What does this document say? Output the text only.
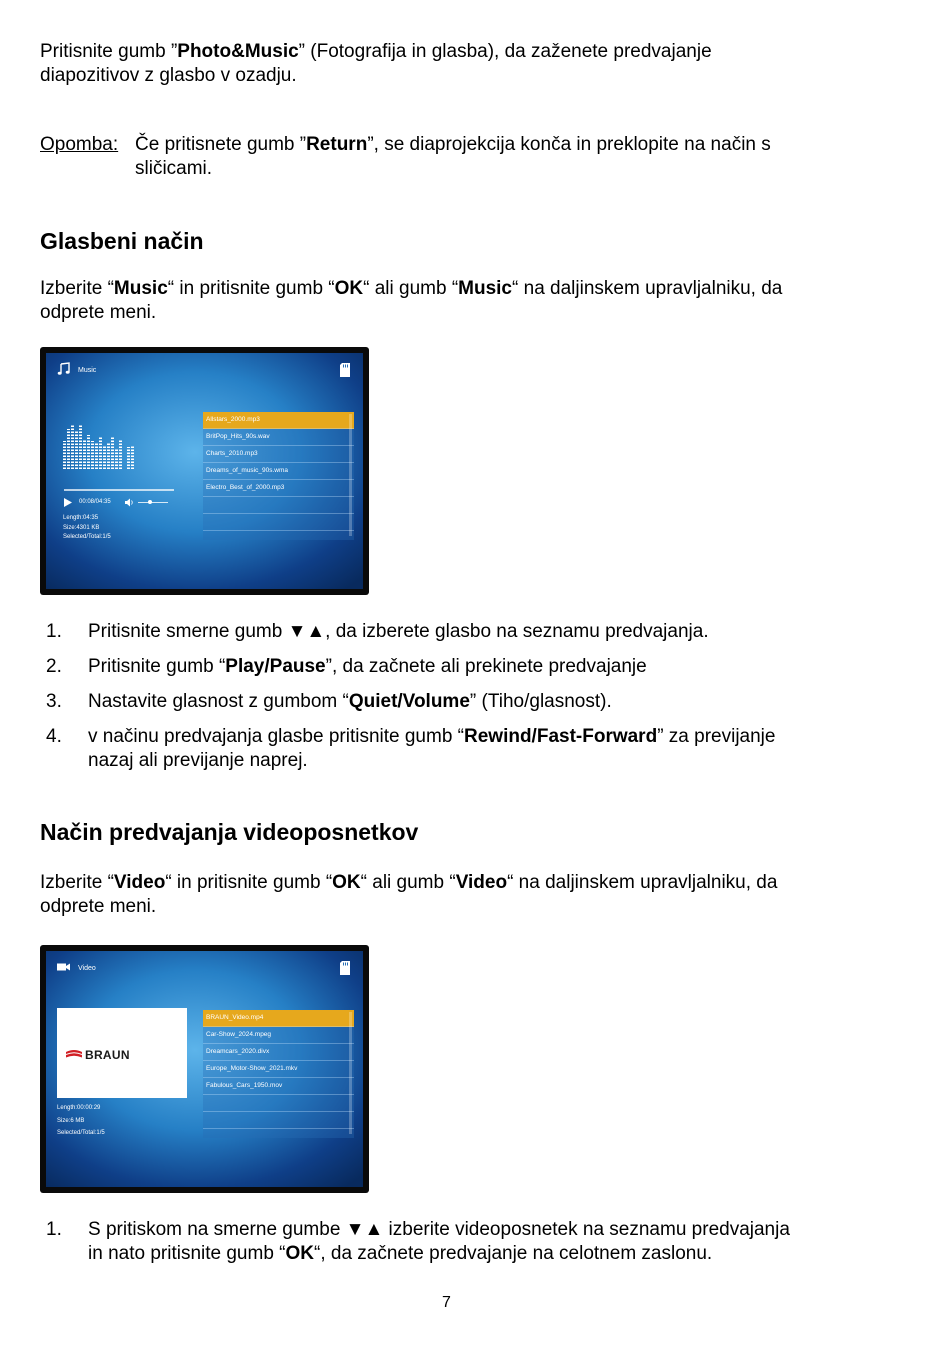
Pritisnite gumb ”Photo&Music” (Fotografija in glasba), da zaženete predvajanje
diapozitivov z glasbo v ozadju.
Opomba: Če pritisnete gumb ”Return”, se diaprojekcija konča in preklopite na način s
sličicami.
Glasbeni način
Izberite “Music“ in pritisnite gumb “OK“ ali gumb “Music“ na daljinskem upravljalniku, da
odprete meni.
Music
00:08/04:35
Length:04:35
Size:4301 KB
Selected/Total:1/5
Allstars_2000.mp3
BritPop_Hits_90s.wav
Charts_2010.mp3
Dreams_of_music_90s.wma
Electro_Best_of_2000.mp3
1. Pritisnite smerne gumb ▼▲, da izberete glasbo na seznamu predvajanja.
2. Pritisnite gumb “Play/Pause”, da začnete ali prekinete predvajanje
3. Nastavite glasnost z gumbom “Quiet/Volume” (Tiho/glasnost).
4. v načinu predvajanja glasbe pritisnite gumb “Rewind/Fast-Forward” za previjanje
nazaj ali previjanje naprej.
Način predvajanja videoposnetkov
Izberite “Video“ in pritisnite gumb “OK“ ali gumb “Video“ na daljinskem upravljalniku, da
odprete meni.
Video
BRAUN
Length:00:00:29
Size:6 MB
Selected/Total:1/5
BRAUN_Video.mp4
Car-Show_2024.mpeg
Dreamcars_2020.divx
Europe_Motor-Show_2021.mkv
Fabulous_Cars_1950.mov
1. S pritiskom na smerne gumbe ▼▲ izberite videoposnetek na seznamu predvajanja
in nato pritisnite gumb “OK“, da začnete predvajanje na celotnem zaslonu.
7
